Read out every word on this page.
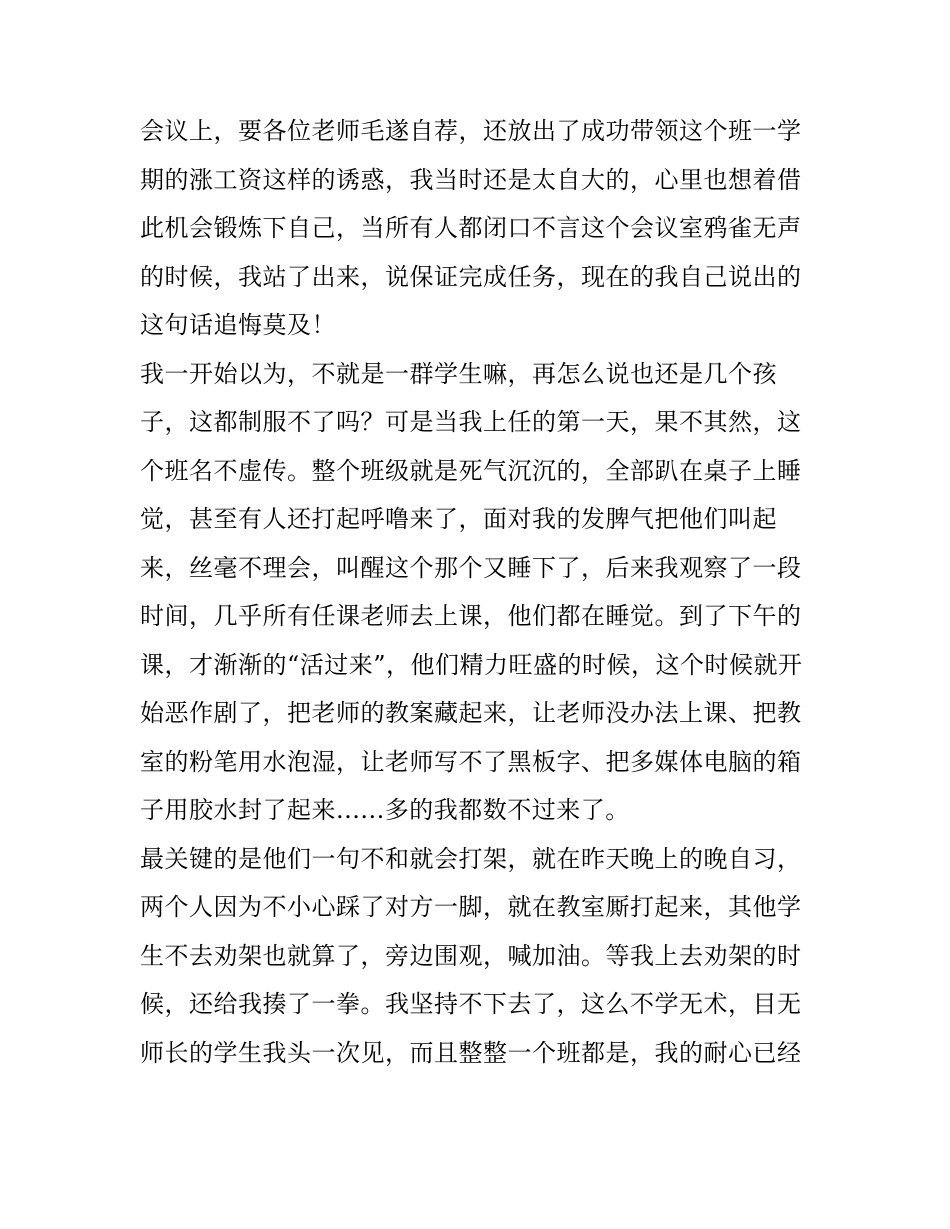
会议上，要各位老师毛遂自荐，还放出了成功带领这个班一学
期的涨工资这样的诱惑，我当时还是太自大的，心里也想着借
此机会锻炼下自己，当所有人都闭口不言这个会议室鸦雀无声
的时候，我站了出来，说保证完成任务，现在的我自己说出的
这句话追悔莫及！
我一开始以为，不就是一群学生嘛，再怎么说也还是几个孩
子，这都制服不了吗？可是当我上任的第一天，果不其然，这
个班名不虚传。整个班级就是死气沉沉的，全部趴在桌子上睡
觉，甚至有人还打起呼噜来了，面对我的发脾气把他们叫起
来，丝毫不理会，叫醒这个那个又睡下了，后来我观察了一段
时间，几乎所有任课老师去上课，他们都在睡觉。到了下午的
课，才渐渐的“活过来”，他们精力旺盛的时候，这个时候就开
始恶作剧了，把老师的教案藏起来，让老师没办法上课、把教
室的粉笔用水泡湿，让老师写不了黑板字、把多媒体电脑的箱
子用胶水封了起来......多的我都数不过来了。
最关键的是他们一句不和就会打架，就在昨天晚上的晚自习，
两个人因为不小心踩了对方一脚，就在教室厮打起来，其他学
生不去劝架也就算了，旁边围观，喊加油。等我上去劝架的时
候，还给我揍了一拳。我坚持不下去了，这么不学无术，目无
师长的学生我头一次见，而且整整一个班都是，我的耐心已经
